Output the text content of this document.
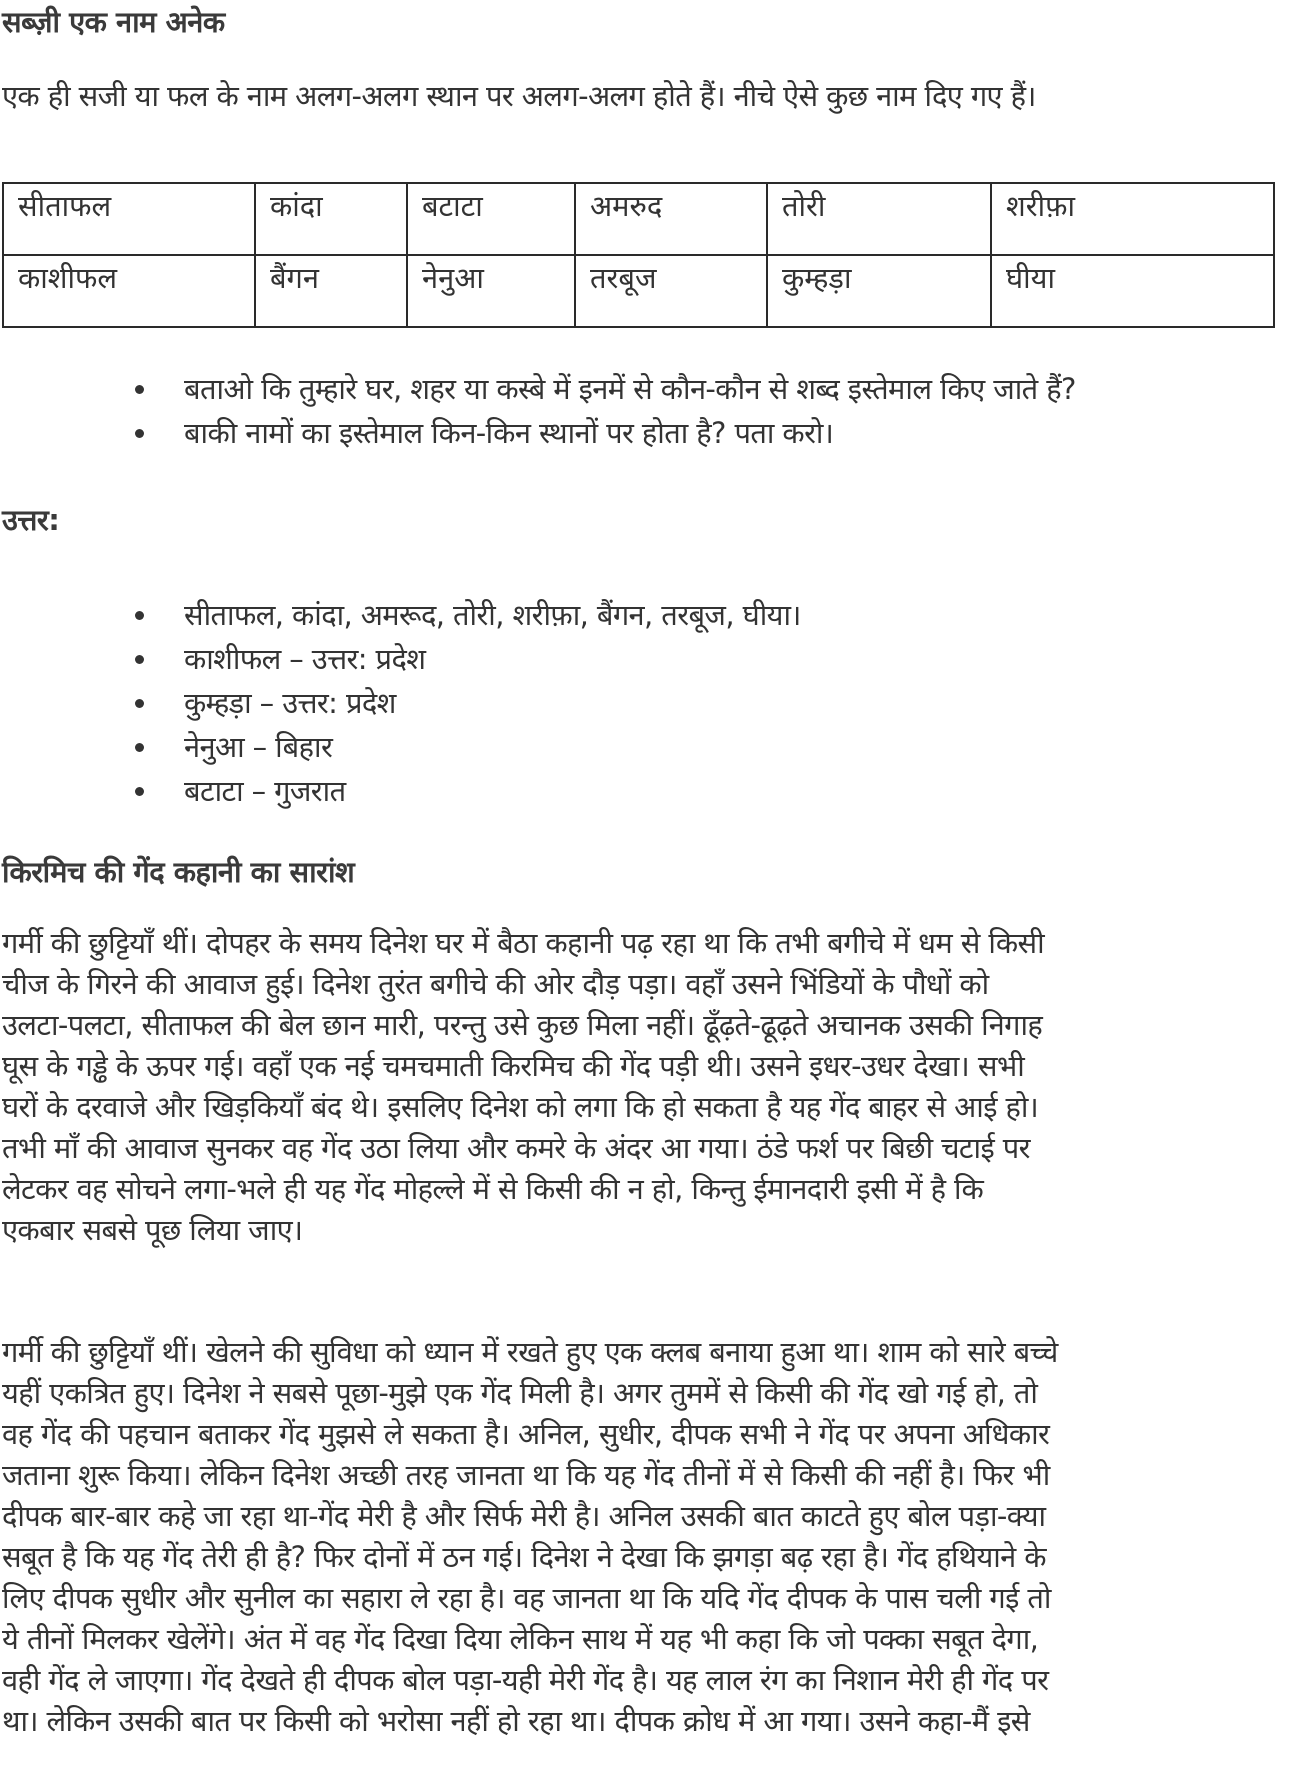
सब्ज़ी एक नाम अनेक
एक ही सजी या फल के नाम अलग-अलग स्थान पर अलग-अलग होते हैं। नीचे ऐसे कुछ नाम दिए गए हैं।
सीताफल	कांदा	बटाटा	अमरुद	तोरी	शरीफ़ा
काशीफल	बैंगन	नेनुआ	तरबूज	कुम्हड़ा	घीया
बताओ कि तुम्हारे घर, शहर या कस्बे में इनमें से कौन-कौन से शब्द इस्तेमाल किए जाते हैं?
बाकी नामों का इस्तेमाल किन-किन स्थानों पर होता है? पता करो।
उत्तर:
सीताफल, कांदा, अमरूद, तोरी, शरीफ़ा, बैंगन, तरबूज, घीया।
काशीफल – उत्तर: प्रदेश
कुम्हड़ा – उत्तर: प्रदेश
नेनुआ – बिहार
बटाटा – गुजरात
किरमिच की गेंद कहानी का सारांश
गर्मी की छुट्टियाँ थीं। दोपहर के समय दिनेश घर में बैठा कहानी पढ़ रहा था कि तभी बगीचे में धम से किसी
चीज के गिरने की आवाज हुई। दिनेश तुरंत बगीचे की ओर दौड़ पड़ा। वहाँ उसने भिंडियों के पौधों को
उलटा-पलटा, सीताफल की बेल छान मारी, परन्तु उसे कुछ मिला नहीं। ढूँढ़ते-ढूढ़ते अचानक उसकी निगाह
घूस के गड्ढे के ऊपर गई। वहाँ एक नई चमचमाती किरमिच की गेंद पड़ी थी। उसने इधर-उधर देखा। सभी
घरों के दरवाजे और खिड़कियाँ बंद थे। इसलिए दिनेश को लगा कि हो सकता है यह गेंद बाहर से आई हो।
तभी माँ की आवाज सुनकर वह गेंद उठा लिया और कमरे के अंदर आ गया। ठंडे फर्श पर बिछी चटाई पर
लेटकर वह सोचने लगा-भले ही यह गेंद मोहल्ले में से किसी की न हो, किन्तु ईमानदारी इसी में है कि
एकबार सबसे पूछ लिया जाए।
गर्मी की छुट्टियाँ थीं। खेलने की सुविधा को ध्यान में रखते हुए एक क्लब बनाया हुआ था। शाम को सारे बच्चे
यहीं एकत्रित हुए। दिनेश ने सबसे पूछा-मुझे एक गेंद मिली है। अगर तुममें से किसी की गेंद खो गई हो, तो
वह गेंद की पहचान बताकर गेंद मुझसे ले सकता है। अनिल, सुधीर, दीपक सभी ने गेंद पर अपना अधिकार
जताना शुरू किया। लेकिन दिनेश अच्छी तरह जानता था कि यह गेंद तीनों में से किसी की नहीं है। फिर भी
दीपक बार-बार कहे जा रहा था-गेंद मेरी है और सिर्फ मेरी है। अनिल उसकी बात काटते हुए बोल पड़ा-क्या
सबूत है कि यह गेंद तेरी ही है? फिर दोनों में ठन गई। दिनेश ने देखा कि झगड़ा बढ़ रहा है। गेंद हथियाने के
लिए दीपक सुधीर और सुनील का सहारा ले रहा है। वह जानता था कि यदि गेंद दीपक के पास चली गई तो
ये तीनों मिलकर खेलेंगे। अंत में वह गेंद दिखा दिया लेकिन साथ में यह भी कहा कि जो पक्का सबूत देगा,
वही गेंद ले जाएगा। गेंद देखते ही दीपक बोल पड़ा-यही मेरी गेंद है। यह लाल रंग का निशान मेरी ही गेंद पर
था। लेकिन उसकी बात पर किसी को भरोसा नहीं हो रहा था। दीपक क्रोध में आ गया। उसने कहा-मैं इसे
